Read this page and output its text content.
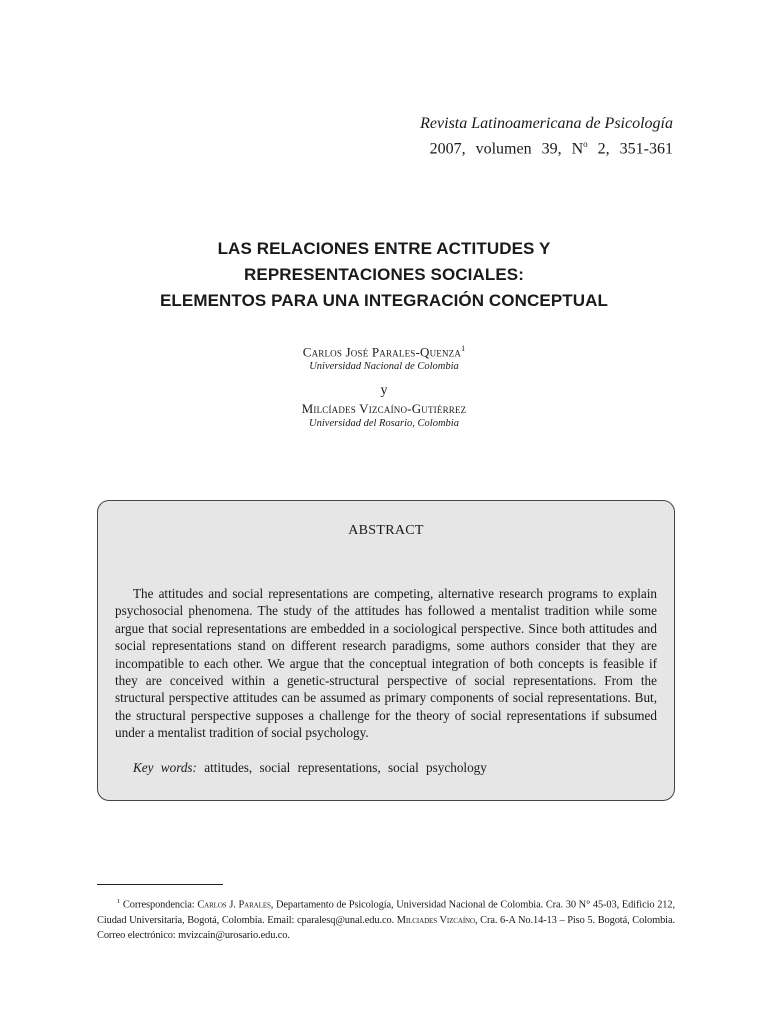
Revista Latinoamericana de Psicología
2007, volumen 39, $N^o$ 2, 351-361
LAS RELACIONES ENTRE ACTITUDES Y
REPRESENTACIONES SOCIALES:
ELEMENTOS PARA UNA INTEGRACIÓN CONCEPTUAL
Carlos José Parales-Quenza$^1$
Universidad Nacional de Colombia
y
Milcíades Vizcaíno-Gutiérrez
Universidad del Rosario, Colombia
ABSTRACT
The attitudes and social representations are competing, alternative research programs to explain psychosocial phenomena. The study of the attitudes has followed a mentalist tradition while some argue that social representations are embedded in a sociological perspective. Since both attitudes and social representations stand on different research paradigms, some authors consider that they are incompatible to each other. We argue that the conceptual integration of both concepts is feasible if they are conceived within a genetic-structural perspective of social representations. From the structural perspective attitudes can be assumed as primary components of social representations. But, the structural perspective supposes a challenge for the theory of social representations if subsumed under a mentalist tradition of social psychology.
Key words: attitudes, social representations, social psychology
$^1$ Correspondencia: Carlos J. Parales, Departamento de Psicología, Universidad Nacional de Colombia. Cra. 30 N° 45-03, Edificio 212, Ciudad Universitaria, Bogotá, Colombia. Email: cparalesq@unal.edu.co. Milciades Vizcaíno, Cra. 6-A No.14-13 – Piso 5. Bogotá, Colombia. Correo electrónico: mvizcain@urosario.edu.co.
